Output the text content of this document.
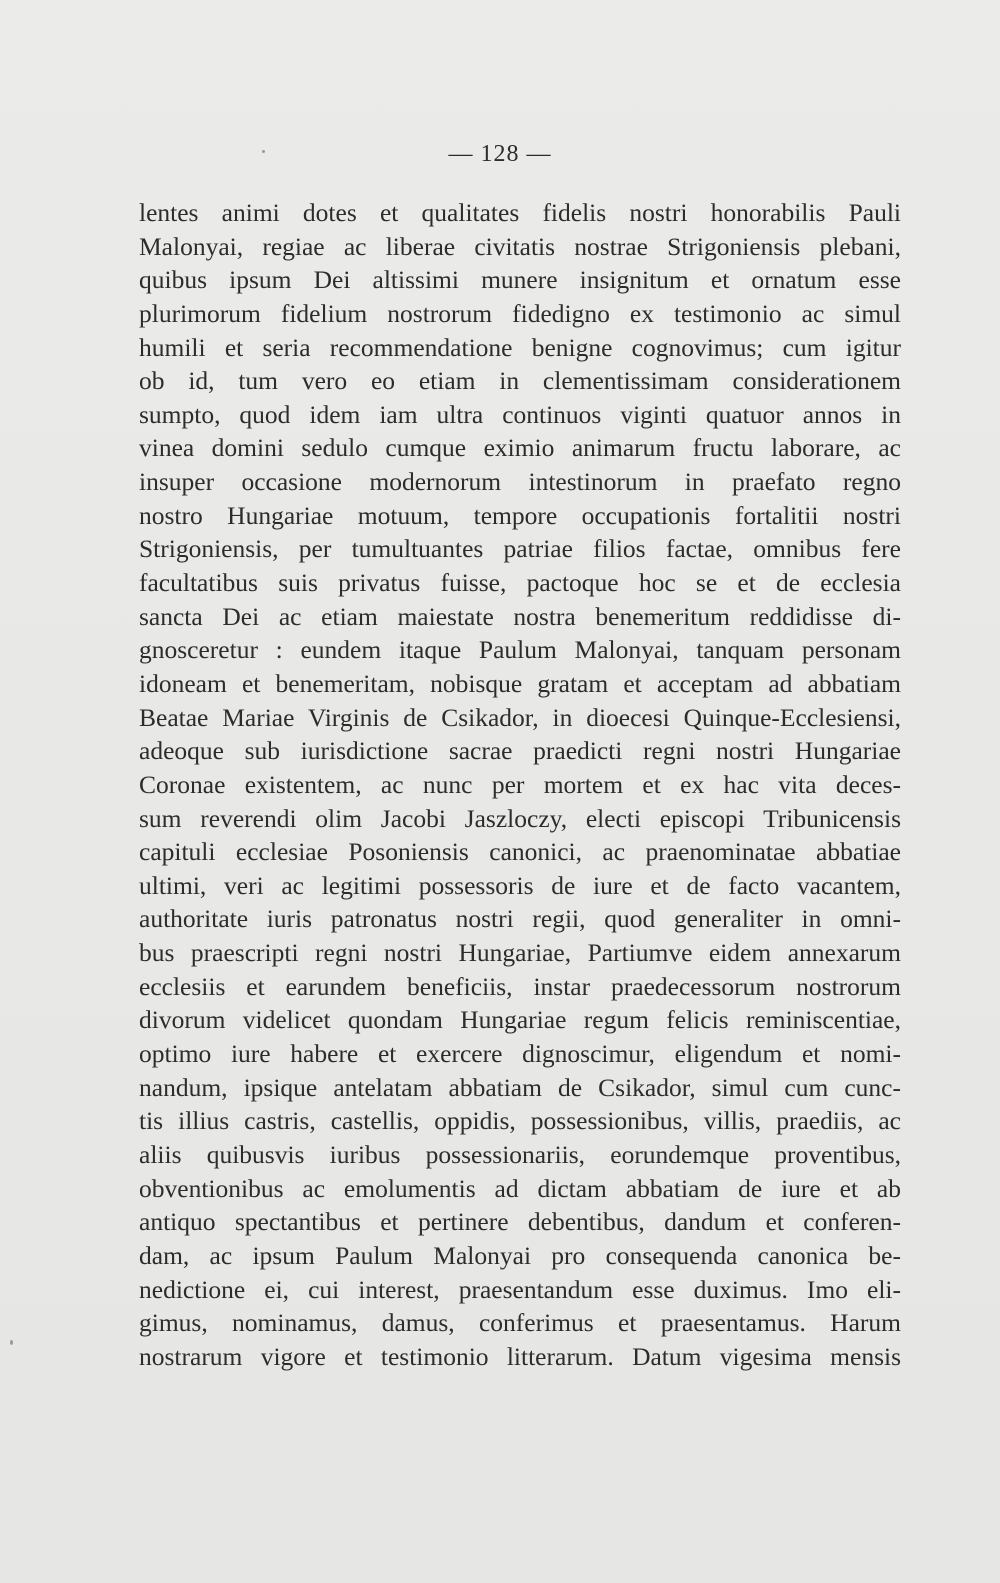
— 128 —
lentes animi dotes et qualitates fidelis nostri honorabilis Pauli
Malonyai, regiae ac liberae civitatis nostrae Strigoniensis plebani,
quibus ipsum Dei altissimi munere insignitum et ornatum esse
plurimorum fidelium nostrorum fidedigno ex testimonio ac simul
humili et seria recommendatione benigne cognovimus; cum igitur
ob id, tum vero eo etiam in clementissimam considerationem
sumpto, quod idem iam ultra continuos viginti quatuor annos in
vinea domini sedulo cumque eximio animarum fructu laborare, ac
insuper occasione modernorum intestinorum in praefato regno
nostro Hungariae motuum, tempore occupationis fortalitii nostri
Strigoniensis, per tumultuantes patriae filios factae, omnibus fere
facultatibus suis privatus fuisse, pactoque hoc se et de ecclesia
sancta Dei ac etiam maiestate nostra benemeritum reddidisse di-
gnosceretur : eundem itaque Paulum Malonyai, tanquam personam
idoneam et benemeritam, nobisque gratam et acceptam ad abbatiam
Beatae Mariae Virginis de Csikador, in dioecesi Quinque-Ecclesiensi,
adeoque sub iurisdictione sacrae praedicti regni nostri Hungariae
Coronae existentem, ac nunc per mortem et ex hac vita deces-
sum reverendi olim Jacobi Jaszloczy, electi episcopi Tribunicensis
capituli ecclesiae Posoniensis canonici, ac praenominatae abbatiae
ultimi, veri ac legitimi possessoris de iure et de facto vacantem,
authoritate iuris patronatus nostri regii, quod generaliter in omni-
bus praescripti regni nostri Hungariae, Partiumve eidem annexarum
ecclesiis et earundem beneficiis, instar praedecessorum nostrorum
divorum videlicet quondam Hungariae regum felicis reminiscentiae,
optimo iure habere et exercere dignoscimur, eligendum et nomi-
nandum, ipsique antelatam abbatiam de Csikador, simul cum cunc-
tis illius castris, castellis, oppidis, possessionibus, villis, praediis, ac
aliis quibusvis iuribus possessionariis, eorundemque proventibus,
obventionibus ac emolumentis ad dictam abbatiam de iure et ab
antiquo spectantibus et pertinere debentibus, dandum et conferen-
dam, ac ipsum Paulum Malonyai pro consequenda canonica be-
nedictione ei, cui interest, praesentandum esse duximus. Imo eli-
gimus, nominamus, damus, conferimus et praesentamus. Harum
nostrarum vigore et testimonio litterarum. Datum vigesima mensis
